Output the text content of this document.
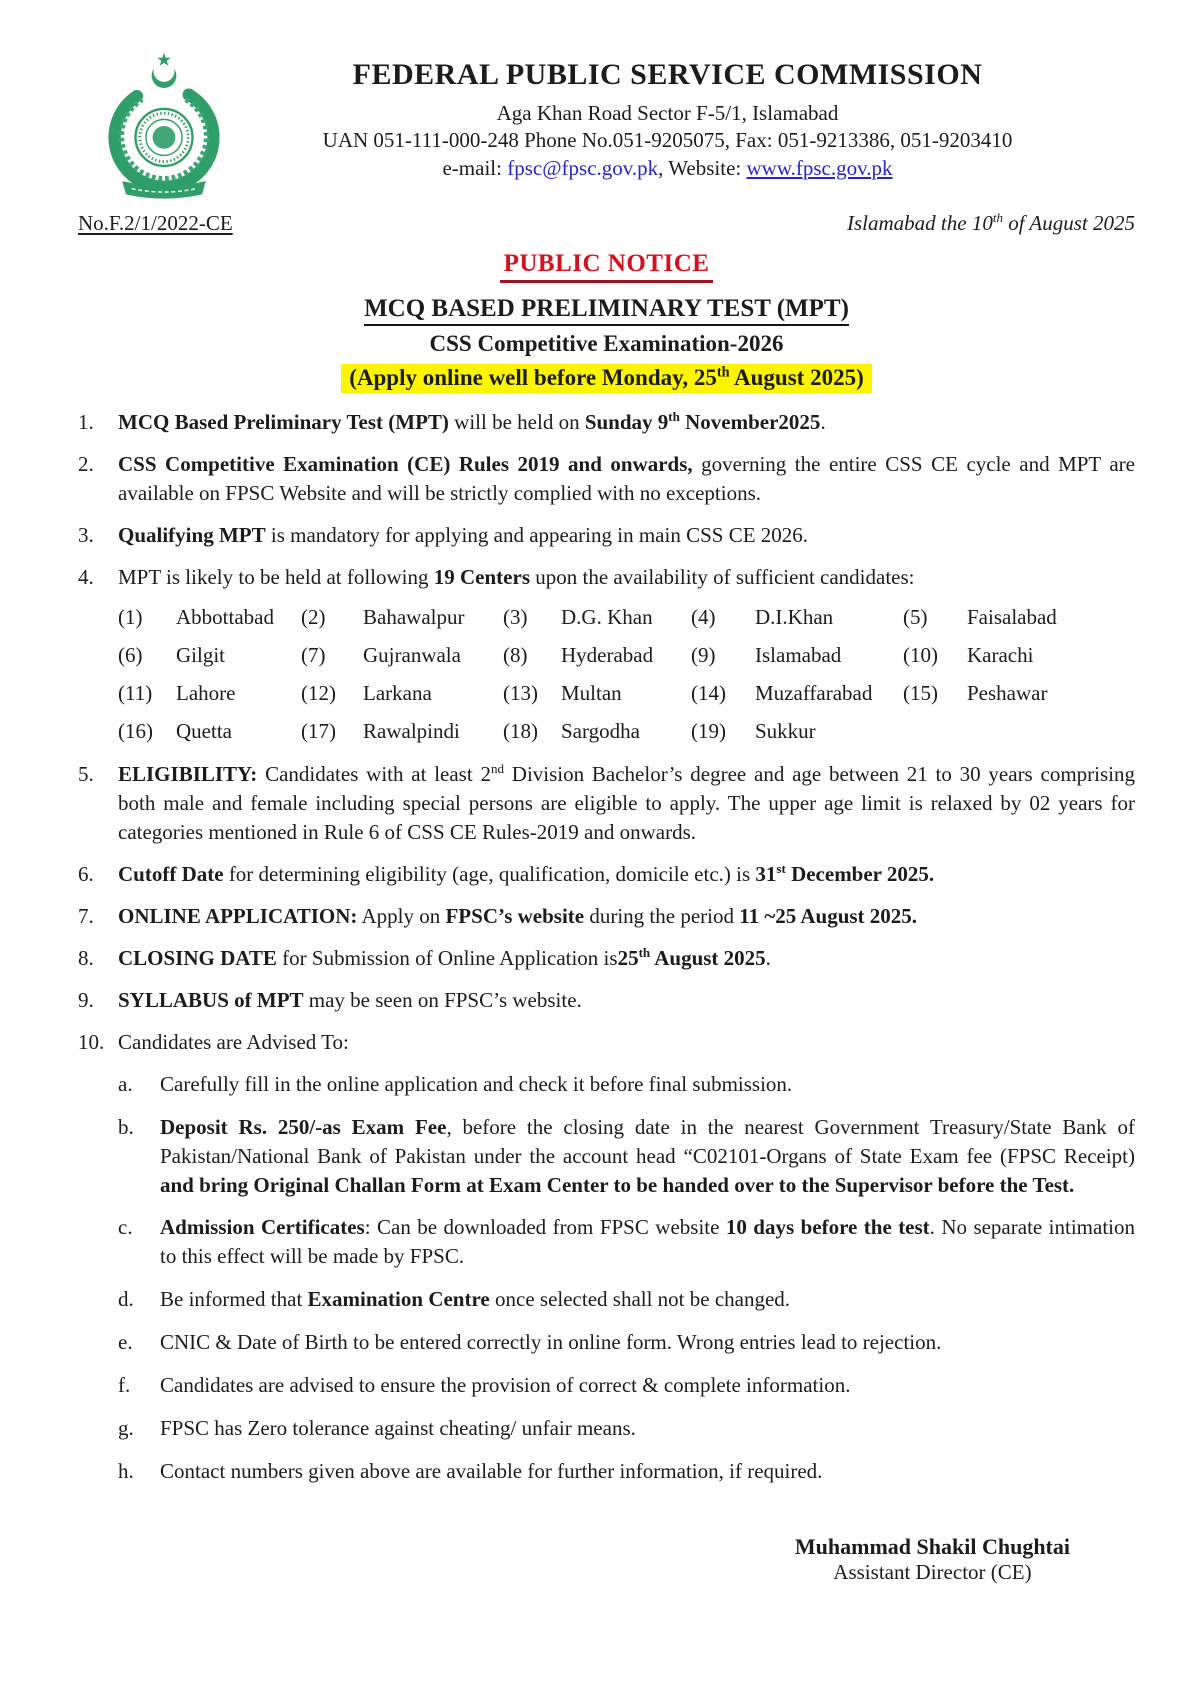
FEDERAL PUBLIC SERVICE COMMISSION
Aga Khan Road Sector F-5/1, Islamabad
UAN 051-111-000-248 Phone No.051-9205075, Fax: 051-9213386, 051-9203410
e-mail: fpsc@fpsc.gov.pk, Website: www.fpsc.gov.pk
No.F.2/1/2022-CE	Islamabad the 10th of August 2025
PUBLIC NOTICE
MCQ BASED PRELIMINARY TEST (MPT)
CSS Competitive Examination-2026
(Apply online well before Monday, 25th August 2025)
1.	MCQ Based Preliminary Test (MPT) will be held on Sunday 9th November2025.
2.	CSS Competitive Examination (CE) Rules 2019 and onwards, governing the entire CSS CE cycle and MPT are available on FPSC Website and will be strictly complied with no exceptions.
3.	Qualifying MPT is mandatory for applying and appearing in main CSS CE 2026.
4.	MPT is likely to be held at following 19 Centers upon the availability of sufficient candidates:
(1)	Abbottabad	(2)	Bahawalpur	(3)	D.G. Khan	(4)	D.I.Khan	(5)	Faisalabad
(6)	Gilgit	(7)	Gujranwala	(8)	Hyderabad	(9)	Islamabad	(10)	Karachi
(11)	Lahore	(12)	Larkana	(13)	Multan	(14)	Muzaffarabad	(15)	Peshawar
(16)	Quetta	(17)	Rawalpindi	(18)	Sargodha	(19)	Sukkur
5.	ELIGIBILITY: Candidates with at least 2nd Division Bachelor’s degree and age between 21 to 30 years comprising both male and female including special persons are eligible to apply. The upper age limit is relaxed by 02 years for categories mentioned in Rule 6 of CSS CE Rules-2019 and onwards.
6.	Cutoff Date for determining eligibility (age, qualification, domicile etc.) is 31st December 2025.
7.	ONLINE APPLICATION: Apply on FPSC’s website during the period 11 ~25 August 2025.
8.	CLOSING DATE for Submission of Online Application is25th August 2025.
9.	SYLLABUS of MPT may be seen on FPSC’s website.
10. Candidates are Advised To:
a.	Carefully fill in the online application and check it before final submission.
b.	Deposit Rs. 250/-as Exam Fee, before the closing date in the nearest Government Treasury/State Bank of Pakistan/National Bank of Pakistan under the account head “C02101-Organs of State Exam fee (FPSC Receipt) and bring Original Challan Form at Exam Center to be handed over to the Supervisor before the Test.
c.	Admission Certificates: Can be downloaded from FPSC website 10 days before the test. No separate intimation to this effect will be made by FPSC.
d.	Be informed that Examination Centre once selected shall not be changed.
e.	CNIC & Date of Birth to be entered correctly in online form. Wrong entries lead to rejection.
f.	Candidates are advised to ensure the provision of correct & complete information.
g.	FPSC has Zero tolerance against cheating/ unfair means.
h.	Contact numbers given above are available for further information, if required.
Muhammad Shakil Chughtai
Assistant Director (CE)
